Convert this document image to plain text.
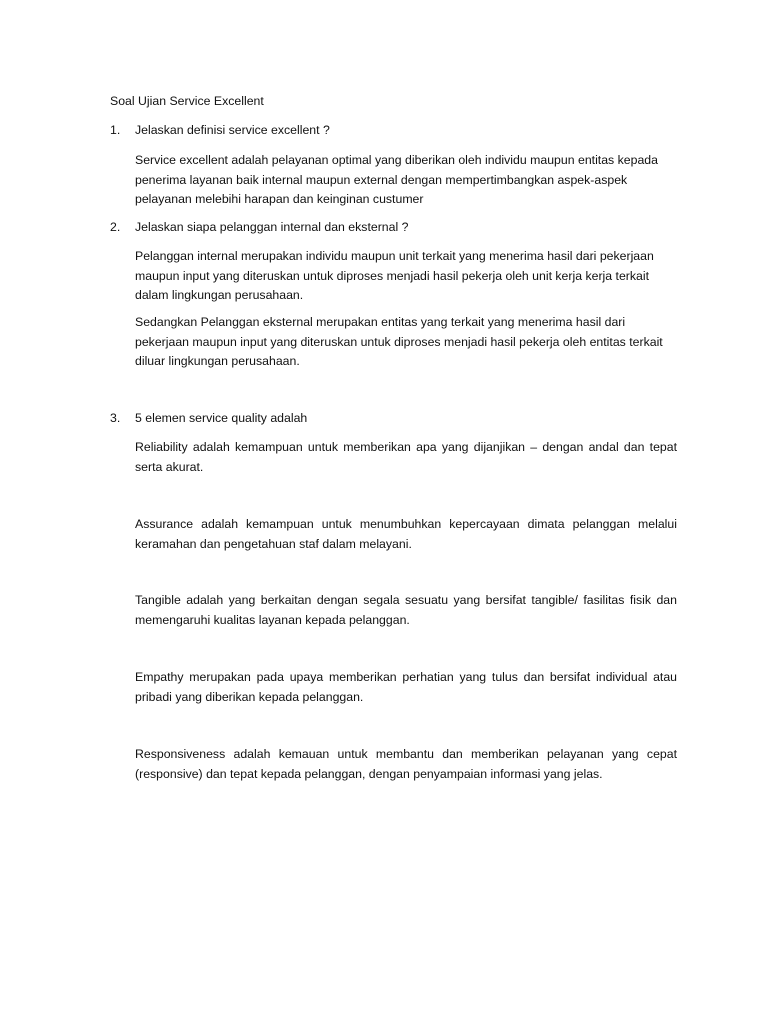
Soal Ujian Service Excellent
1. Jelaskan definisi service excellent ?

Service excellent adalah pelayanan optimal yang diberikan oleh individu maupun entitas kepada penerima layanan baik internal maupun external dengan mempertimbangkan aspek-aspek pelayanan melebihi harapan dan keinginan custumer

2. Jelaskan siapa pelanggan internal dan eksternal ?

Pelanggan internal merupakan individu maupun unit terkait yang menerima hasil dari pekerjaan maupun input yang diteruskan untuk diproses menjadi hasil pekerja oleh unit kerja kerja terkait dalam lingkungan perusahaan.

Sedangkan Pelanggan eksternal merupakan entitas yang terkait yang menerima hasil dari pekerjaan maupun input yang diteruskan untuk diproses menjadi hasil pekerja oleh entitas terkait diluar lingkungan perusahaan.

3. 5 elemen service quality adalah

Reliability adalah kemampuan untuk memberikan apa yang dijanjikan – dengan andal dan tepat serta akurat.

Assurance adalah kemampuan untuk menumbuhkan kepercayaan dimata pelanggan melalui keramahan dan pengetahuan staf dalam melayani.

Tangible adalah yang berkaitan dengan segala sesuatu yang bersifat tangible/ fasilitas fisik dan memengaruhi kualitas layanan kepada pelanggan.

Empathy merupakan pada upaya memberikan perhatian yang tulus dan bersifat individual atau pribadi yang diberikan kepada pelanggan.

Responsiveness adalah kemauan untuk membantu dan memberikan pelayanan yang cepat (responsive) dan tepat kepada pelanggan, dengan penyampaian informasi yang jelas.
